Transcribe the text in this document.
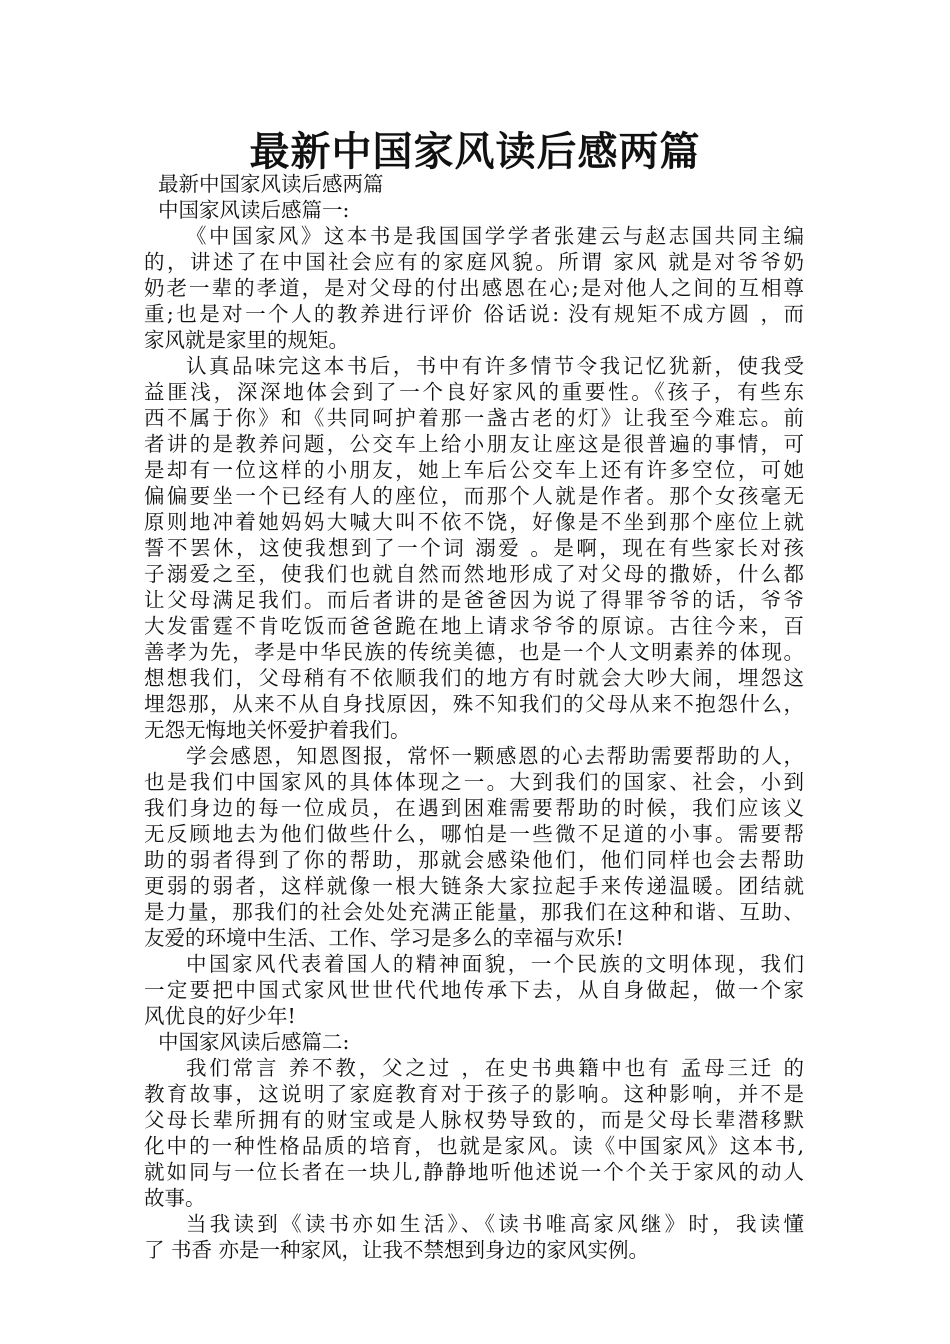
最新中国家风读后感两篇
最新中国家风读后感两篇
中国家风读后感篇一:
《中国家风》这本书是我国国学学者张建云与赵志国共同主编
的，讲述了在中国社会应有的家庭风貌。所谓 家风 就是对爷爷奶
奶老一辈的孝道，是对父母的付出感恩在心;是对他人之间的互相尊
重;也是对一个人的教养进行评价 俗话说: 没有规矩不成方圆 ，而
家风就是家里的规矩。
认真品味完这本书后，书中有许多情节令我记忆犹新，使我受
益匪浅，深深地体会到了一个良好家风的重要性。《孩子，有些东
西不属于你》和《共同呵护着那一盏古老的灯》让我至今难忘。前
者讲的是教养问题，公交车上给小朋友让座这是很普遍的事情，可
是却有一位这样的小朋友，她上车后公交车上还有许多空位，可她
偏偏要坐一个已经有人的座位，而那个人就是作者。那个女孩毫无
原则地冲着她妈妈大喊大叫不依不饶，好像是不坐到那个座位上就
誓不罢休，这使我想到了一个词 溺爱 。是啊，现在有些家长对孩
子溺爱之至，使我们也就自然而然地形成了对父母的撒娇，什么都
让父母满足我们。而后者讲的是爸爸因为说了得罪爷爷的话，爷爷
大发雷霆不肯吃饭而爸爸跪在地上请求爷爷的原谅。古往今来，百
善孝为先，孝是中华民族的传统美德，也是一个人文明素养的体现。
想想我们，父母稍有不依顺我们的地方有时就会大吵大闹，埋怨这
埋怨那，从来不从自身找原因，殊不知我们的父母从来不抱怨什么，
无怨无悔地关怀爱护着我们。
学会感恩，知恩图报，常怀一颗感恩的心去帮助需要帮助的人，
也是我们中国家风的具体体现之一。大到我们的国家、社会，小到
我们身边的每一位成员，在遇到困难需要帮助的时候，我们应该义
无反顾地去为他们做些什么，哪怕是一些微不足道的小事。需要帮
助的弱者得到了你的帮助，那就会感染他们，他们同样也会去帮助
更弱的弱者，这样就像一根大链条大家拉起手来传递温暖。团结就
是力量，那我们的社会处处充满正能量，那我们在这种和谐、互助、
友爱的环境中生活、工作、学习是多么的幸福与欢乐!
中国家风代表着国人的精神面貌，一个民族的文明体现，我们
一定要把中国式家风世世代代地传承下去，从自身做起，做一个家
风优良的好少年!
中国家风读后感篇二:
我们常言 养不教，父之过 ，在史书典籍中也有 孟母三迁 的
教育故事，这说明了家庭教育对于孩子的影响。这种影响，并不是
父母长辈所拥有的财宝或是人脉权势导致的，而是父母长辈潜移默
化中的一种性格品质的培育，也就是家风。读《中国家风》这本书,
就如同与一位长者在一块儿,静静地听他述说一个个关于家风的动人
故事。
当我读到《读书亦如生活》、《读书唯高家风继》时，我读懂
了 书香 亦是一种家风，让我不禁想到身边的家风实例。
